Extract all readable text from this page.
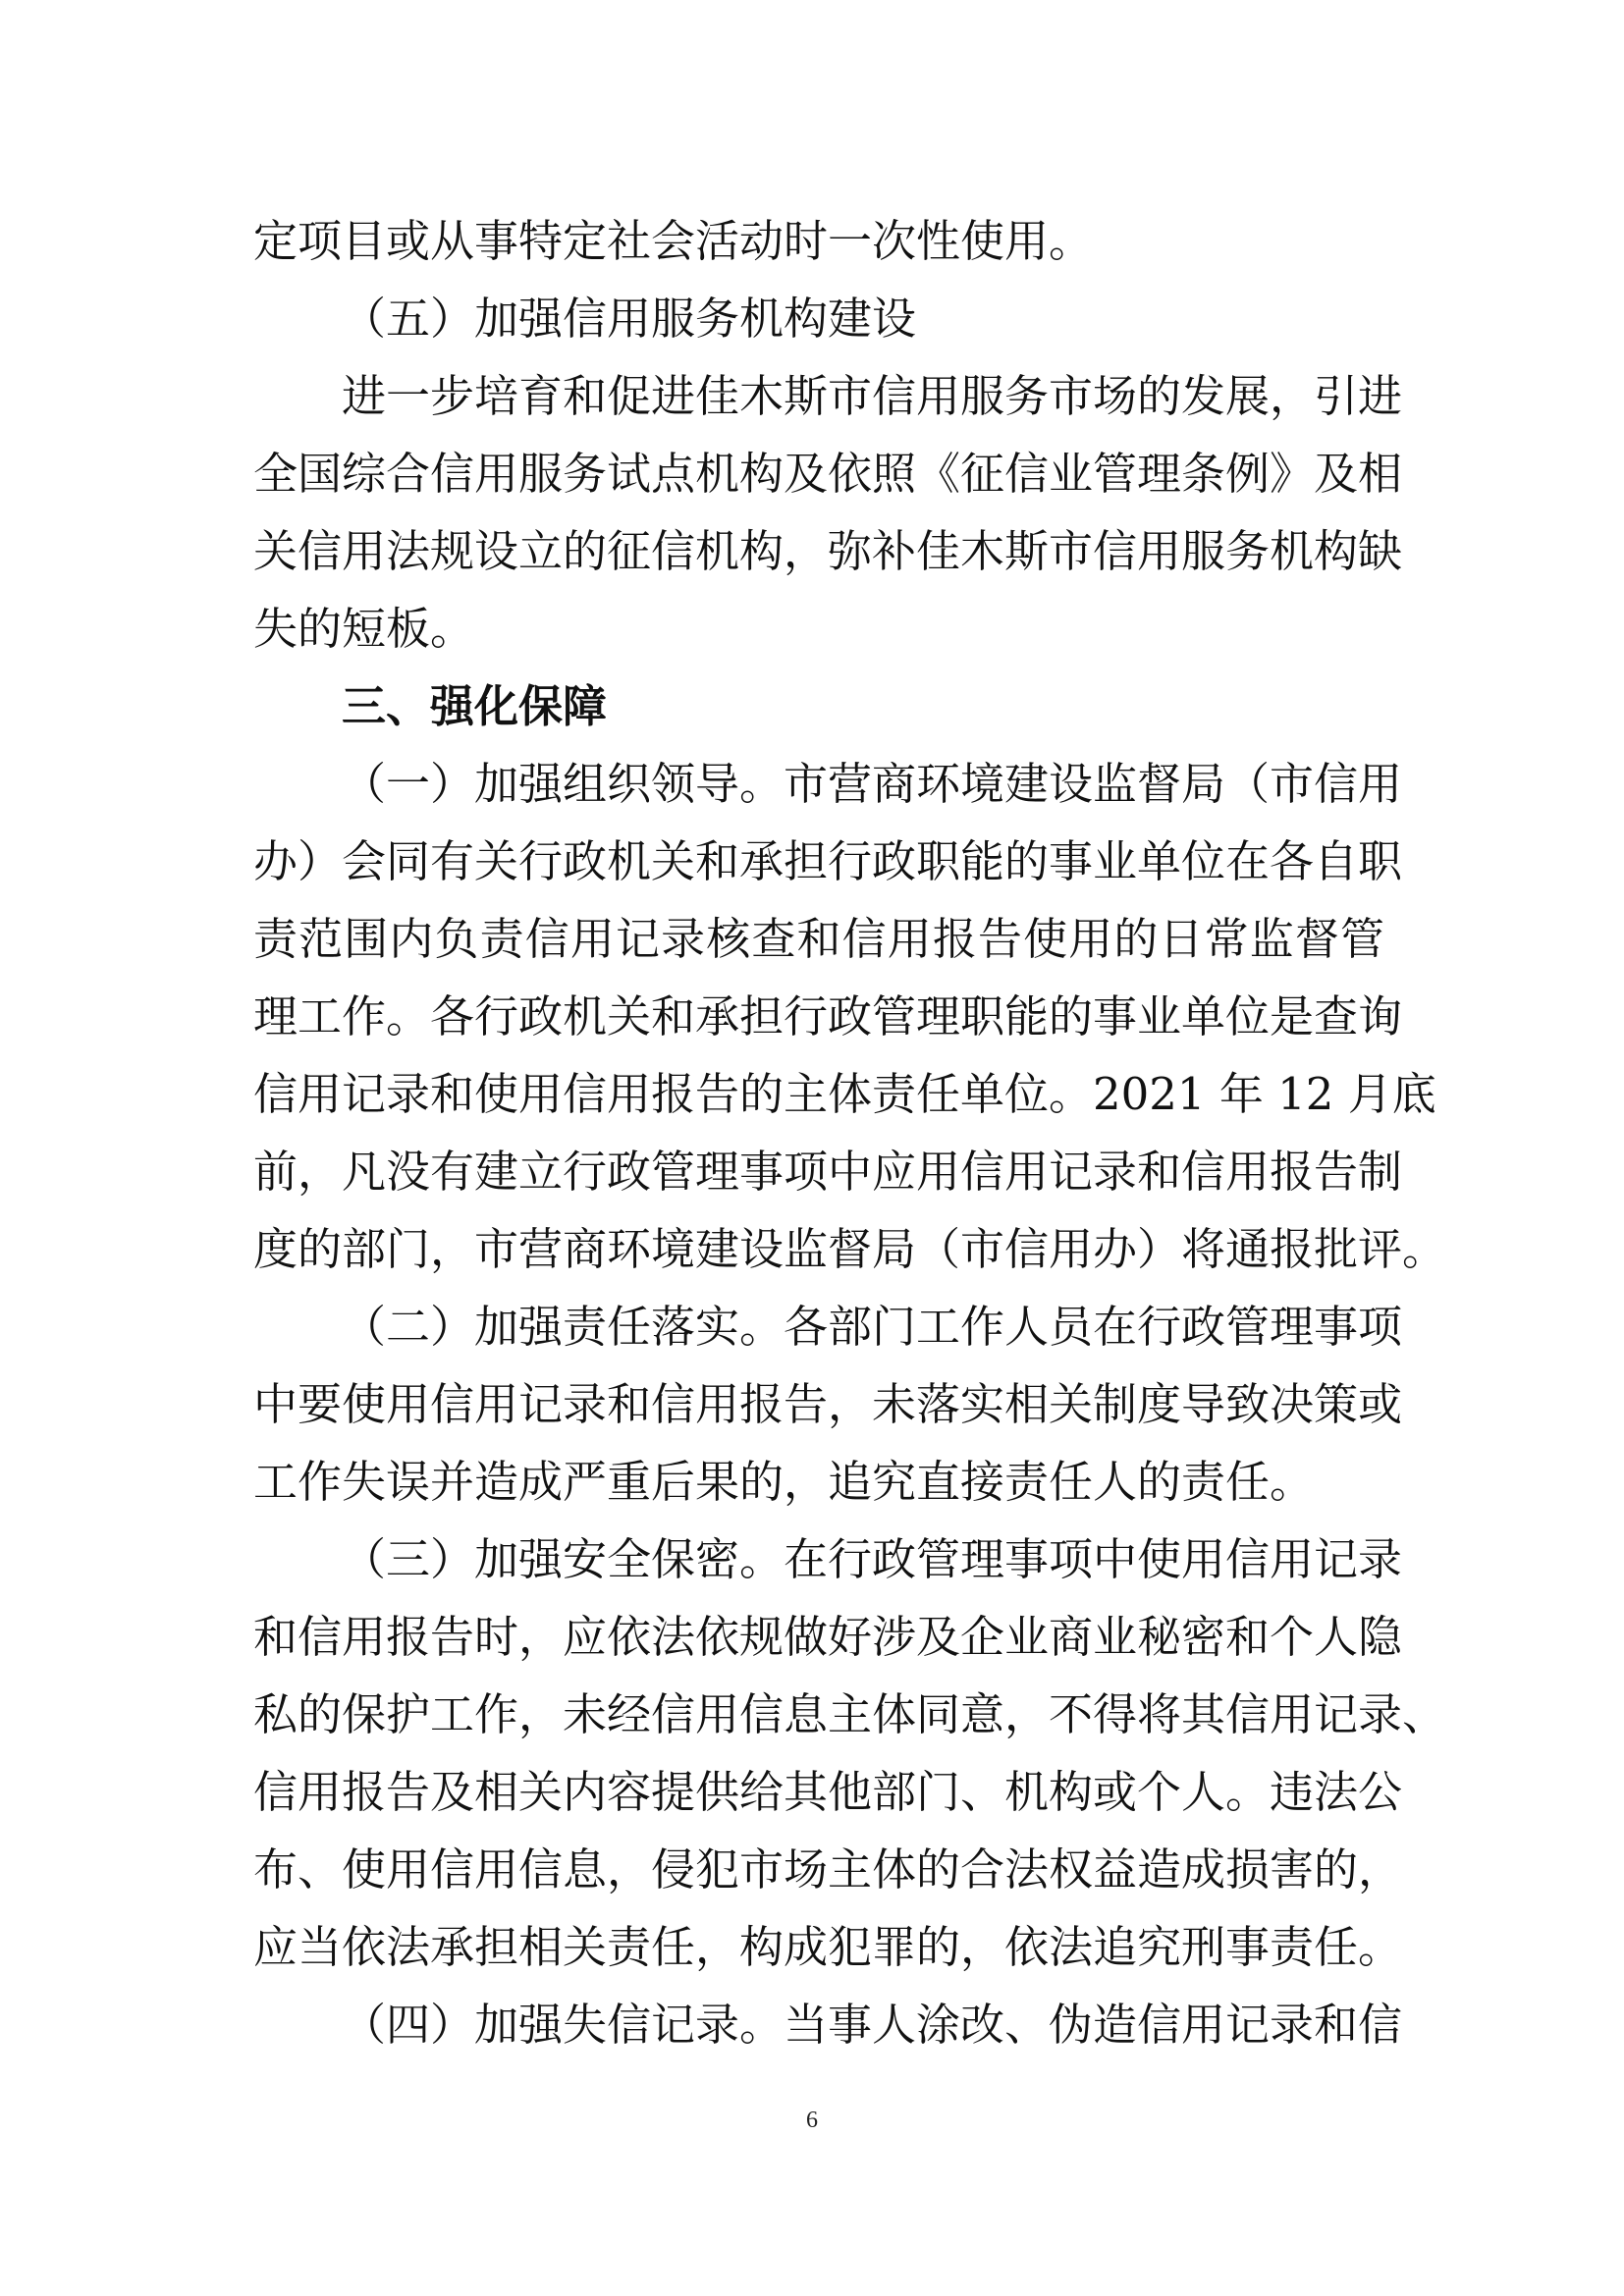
定项目或从事特定社会活动时一次性使用。
（五）加强信用服务机构建设
进一步培育和促进佳木斯市信用服务市场的发展，引进
全国综合信用服务试点机构及依照《征信业管理条例》及相
关信用法规设立的征信机构，弥补佳木斯市信用服务机构缺
失的短板。
三、强化保障
（一）加强组织领导。市营商环境建设监督局（市信用
办）会同有关行政机关和承担行政职能的事业单位在各自职
责范围内负责信用记录核查和信用报告使用的日常监督管
理工作。各行政机关和承担行政管理职能的事业单位是查询
信用记录和使用信用报告的主体责任单位。2021 年 12 月底
前，凡没有建立行政管理事项中应用信用记录和信用报告制
度的部门，市营商环境建设监督局（市信用办）将通报批评。
（二）加强责任落实。各部门工作人员在行政管理事项
中要使用信用记录和信用报告，未落实相关制度导致决策或
工作失误并造成严重后果的，追究直接责任人的责任。
（三）加强安全保密。在行政管理事项中使用信用记录
和信用报告时，应依法依规做好涉及企业商业秘密和个人隐
私的保护工作，未经信用信息主体同意，不得将其信用记录、
信用报告及相关内容提供给其他部门、机构或个人。违法公
布、使用信用信息，侵犯市场主体的合法权益造成损害的，
应当依法承担相关责任，构成犯罪的，依法追究刑事责任。
（四）加强失信记录。当事人涂改、伪造信用记录和信
6
